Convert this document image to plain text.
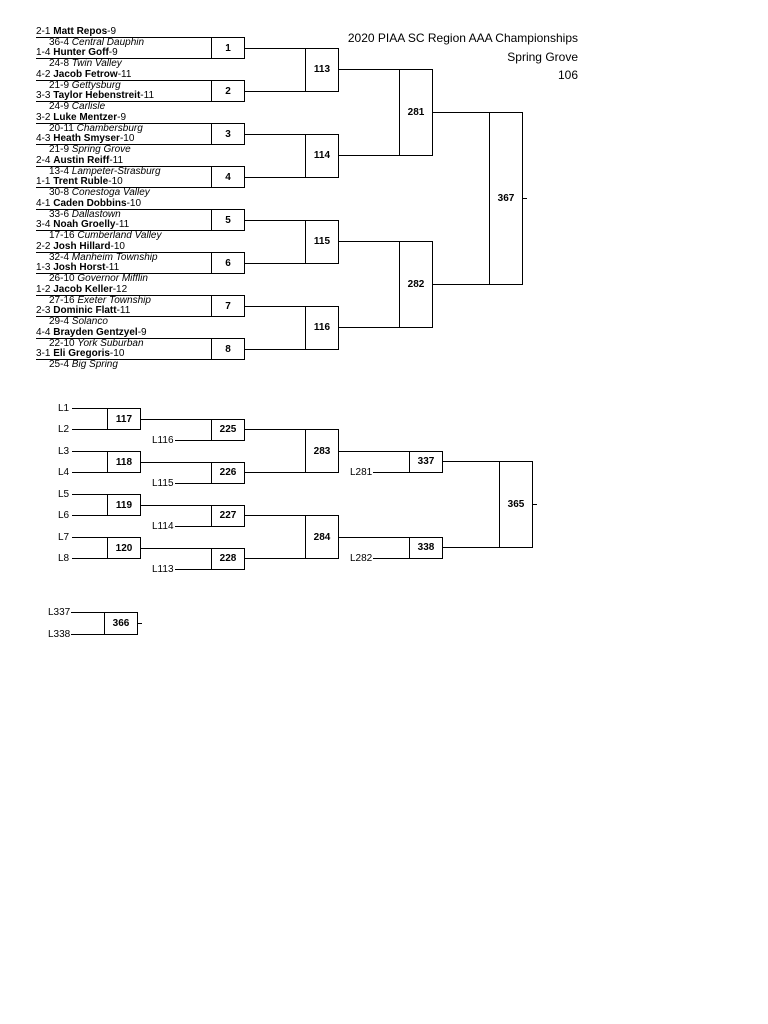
2020 PIAA SC Region AAA Championships
Spring Grove
106
2-1 Matt Repos-9
36-4 Central Dauphin
1-4 Hunter Goff-9
24-8 Twin Valley
4-2 Jacob Fetrow-11
21-9 Gettysburg
3-3 Taylor Hebenstreit-11
24-9 Carlisle
3-2 Luke Mentzer-9
20-11 Chambersburg
4-3 Heath Smyser-10
21-9 Spring Grove
2-4 Austin Reiff-11
13-4 Lampeter-Strasburg
1-1 Trent Ruble-10
30-8 Conestoga Valley
4-1 Caden Dobbins-10
33-6 Dallastown
3-4 Noah Groelly-11
17-16 Cumberland Valley
2-2 Josh Hillard-10
32-4 Manheim Township
1-3 Josh Horst-11
26-10 Governor Mifflin
1-2 Jacob Keller-12
27-16 Exeter Township
2-3 Dominic Flatt-11
29-4 Solanco
4-4 Brayden Gentzyel-9
22-10 York Suburban
3-1 Eli Gregoris-10
25-4 Big Spring
1
2
3
4
5
6
7
8
113
114
115
116
281
282
367
L1
L2
117
L3
L4
118
L5
L6
119
L7
L8
120
L116
225
L115
226
L114
227
L113
228
283
284
L281
337
L282
338
365
L337
L338
366
